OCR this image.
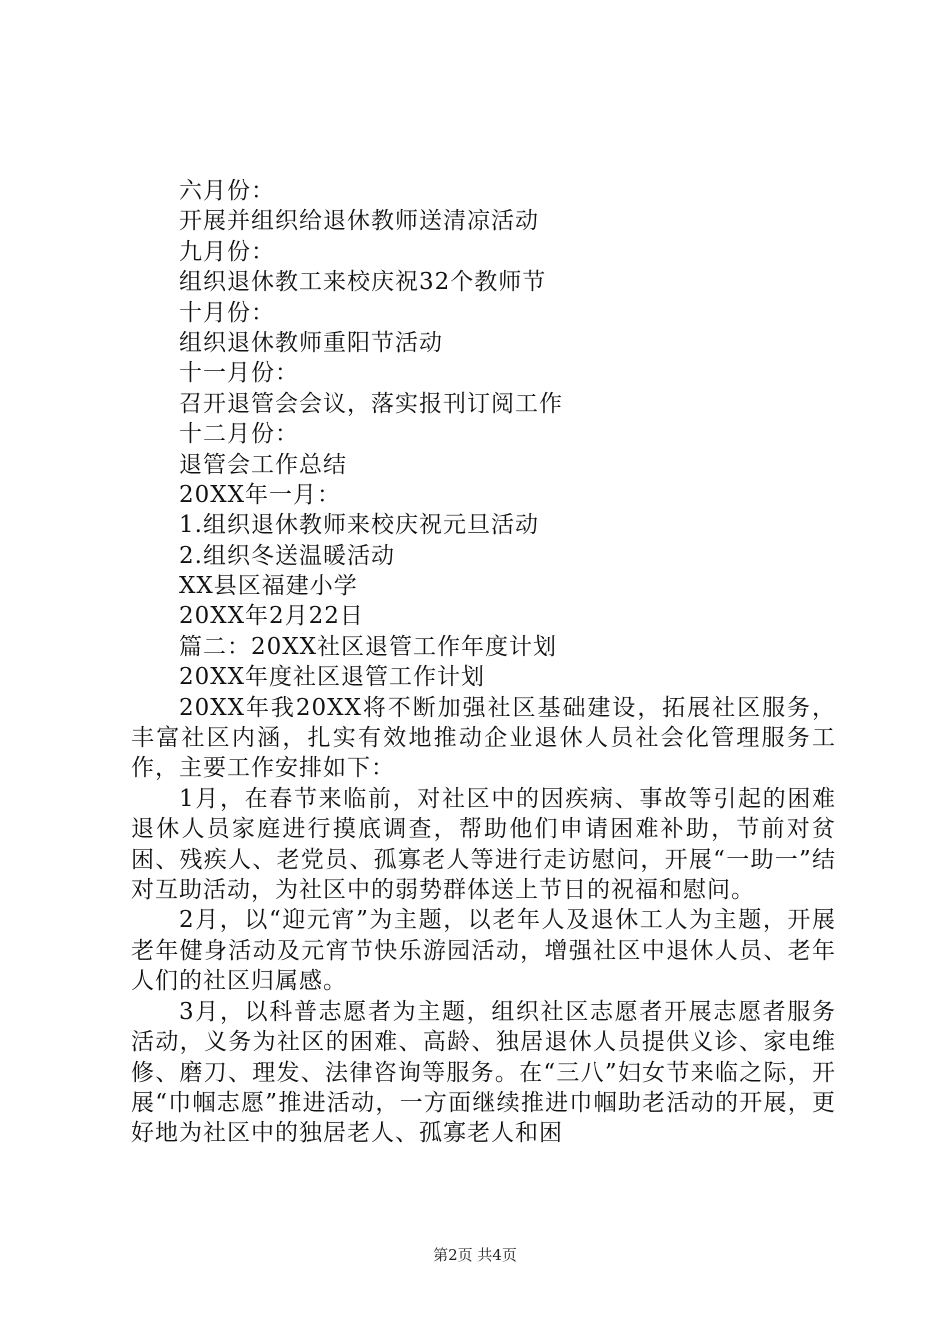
六月份：
开展并组织给退休教师送清凉活动
九月份：
组织退休教工来校庆祝32个教师节
十月份：
组织退休教师重阳节活动
十一月份：
召开退管会会议，落实报刊订阅工作
十二月份：
退管会工作总结
20XX年一月：
1.组织退休教师来校庆祝元旦活动
2.组织冬送温暖活动
XX县区福建小学
20XX年2月22日
篇二：20XX社区退管工作年度计划
20XX年度社区退管工作计划
20XX年我20XX将不断加强社区基础建设，拓展社区服务，丰富社区内涵，扎实有效地推动企业退休人员社会化管理服务工作，主要工作安排如下：
1月，在春节来临前，对社区中的因疾病、事故等引起的困难退休人员家庭进行摸底调查，帮助他们申请困难补助，节前对贫困、残疾人、老党员、孤寡老人等进行走访慰问，开展“一助一”结对互助活动，为社区中的弱势群体送上节日的祝福和慰问。
2月，以“迎元宵”为主题，以老年人及退休工人为主题，开展老年健身活动及元宵节快乐游园活动，增强社区中退休人员、老年人们的社区归属感。
3月，以科普志愿者为主题，组织社区志愿者开展志愿者服务活动，义务为社区的困难、高龄、独居退休人员提供义诊、家电维修、磨刀、理发、法律咨询等服务。在“三八”妇女节来临之际，开展“巾帼志愿”推进活动，一方面继续推进巾帼助老活动的开展，更好地为社区中的独居老人、孤寡老人和困
第2页 共4页
